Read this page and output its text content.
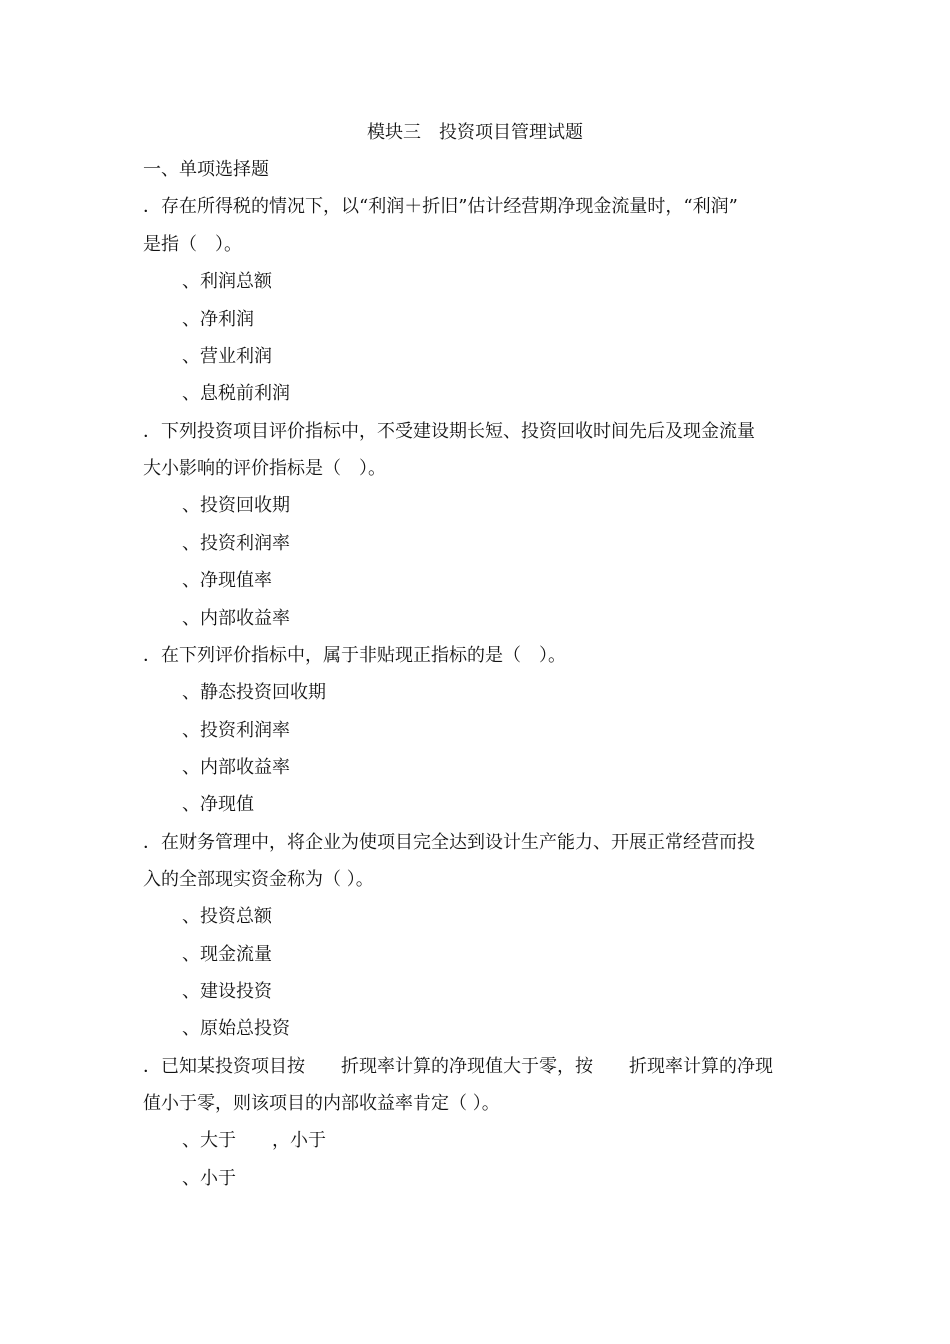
模块三　投资项目管理试题
一、单项选择题
．存在所得税的情况下，以“利润＋折旧”估计经营期净现金流量时，“利润”
是指（　）。
、利润总额
、净利润
、营业利润
、息税前利润
．下列投资项目评价指标中，不受建设期长短、投资回收时间先后及现金流量
大小影响的评价指标是（　）。
、投资回收期
、投资利润率
、净现值率
、内部收益率
．在下列评价指标中，属于非贴现正指标的是（　）。
、静态投资回收期
、投资利润率
、内部收益率
、净现值
．在财务管理中，将企业为使项目完全达到设计生产能力、开展正常经营而投
入的全部现实资金称为（ ）。
、投资总额
、现金流量
、建设投资
、原始总投资
．已知某投资项目按　　折现率计算的净现值大于零，按　　折现率计算的净现
值小于零，则该项目的内部收益率肯定（ ）。
、大于　　，小于
、小于
